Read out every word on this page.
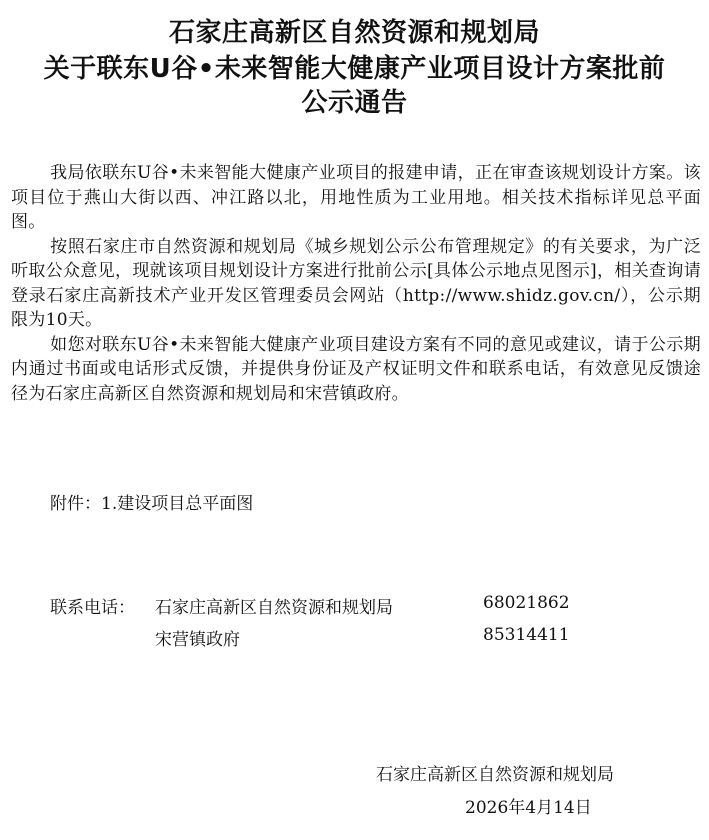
石家庄高新区自然资源和规划局
关于联东U谷•未来智能大健康产业项目设计方案批前
公示通告

我局依联东U谷•未来智能大健康产业项目的报建申请，正在审查该规划设计方案。该项目位于燕山大街以西、冲江路以北，用地性质为工业用地。相关技术指标详见总平面图。

按照石家庄市自然资源和规划局《城乡规划公示公布管理规定》的有关要求，为广泛听取公众意见，现就该项目规划设计方案进行批前公示[具体公示地点见图示]，相关查询请登录石家庄高新技术产业开发区管理委员会网站（http://www.shidz.gov.cn/），公示期限为10天。

如您对联东U谷•未来智能大健康产业项目建设方案有不同的意见或建议，请于公示期内通过书面或电话形式反馈，并提供身份证及产权证明文件和联系电话，有效意见反馈途径为石家庄高新区自然资源和规划局和宋营镇政府。

附件：1.建设项目总平面图
联系电话： 石家庄高新区自然资源和规划局	68021862
宋营镇政府	85314411
石家庄高新区自然资源和规划局
2026年4月14日
